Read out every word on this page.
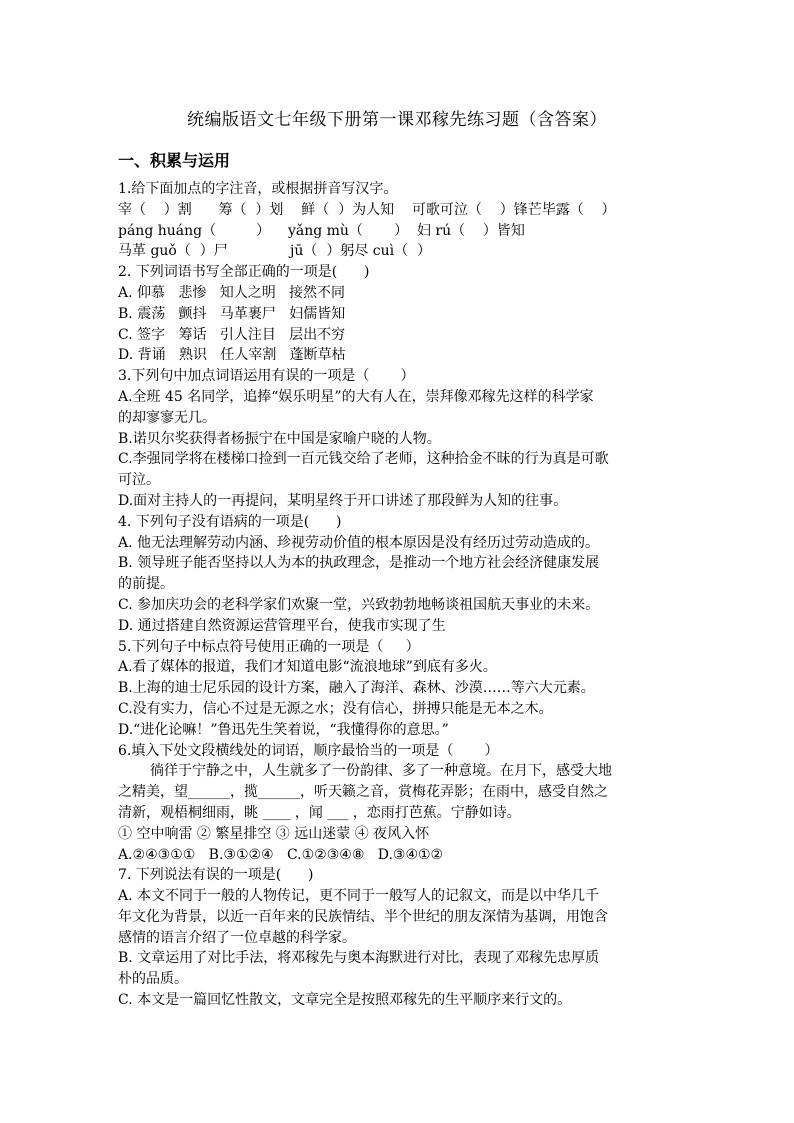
统编版语文七年级下册第一课邓稼先练习题（含答案）
一、积累与运用
1.给下面加点的字注音，或根据拼音写汉字。
宰（    ）割      筹（  ）划    鲜（  ）为人知    可歌可泣（    ）锋芒毕露（    ）
páng huáng（         ）    yǎng mù（       ）  妇 rú（    ）皆知
马革 guǒ（  ）尸              jū（  ）躬尽 cuì（  ）
2. 下列词语书写全部正确的一项是(      )
A. 仰慕   悲惨   知人之明   接然不同
B. 震荡   颤抖   马革裹尸   妇儒皆知
C. 签字   筹话   引人注目   层出不穷
D. 背诵   熟识   任人宰割   蓬断草枯
3.下列句中加点词语运用有误的一项是（       ）
A.全班 45 名同学，追捧“娱乐明星”的大有人在，崇拜像邓稼先这样的科学家
的却寥寥无几。
B.诺贝尔奖获得者杨振宁在中国是家喻户晓的人物。
C.李强同学将在楼梯口捡到一百元钱交给了老师，这种拾金不昧的行为真是可歌
可泣。
D.面对主持人的一再提问，某明星终于开口讲述了那段鲜为人知的往事。
4. 下列句子没有语病的一项是(      )
A. 他无法理解劳动内涵、珍视劳动价值的根本原因是没有经历过劳动造成的。
B. 领导班子能否坚持以人为本的执政理念，是推动一个地方社会经济健康发展
的前提。
C. 参加庆功会的老科学家们欢聚一堂，兴致勃勃地畅谈祖国航天事业的未来。
D. 通过搭建自然资源运营管理平台，使我市实现了生
5.下列句子中标点符号使用正确的一项是（     ）
A.看了媒体的报道，我们才知道电影“流浪地球”到底有多火。
B.上海的迪士尼乐园的设计方案，融入了海洋、森林、沙漠……等六大元素。
C.没有实力，信心不过是无源之水；没有信心，拼搏只能是无本之木。
D.“进化论嘛！”鲁迅先生笑着说，“我懂得你的意思。”
6.填入下处文段横线处的词语，顺序最恰当的一项是（       ）
徜徉于宁静之中，人生就多了一份韵律、多了一种意境。在月下，感受大地
之精美，望______，揽______，听天籁之音，赏梅花弄影；在雨中，感受自然之
清新，观梧桐细雨，眺 ____ ，闻 ___ ，恋雨打芭蕉。宁静如诗。
① 空中响雷 ② 繁星排空 ③ 远山迷蒙 ④ 夜风入怀
A.②④③①①   B.③①②④   C.①②③④⑧   D.③④①②
7. 下列说法有误的一项是(      )
A. 本文不同于一般的人物传记，更不同于一般写人的记叙文，而是以中华几千
年文化为背景，以近一百年来的民族情结、半个世纪的朋友深情为基调，用饱含
感情的语言介绍了一位卓越的科学家。
B. 文章运用了对比手法，将邓稼先与奥本海默进行对比，表现了邓稼先忠厚质
朴的品质。
C. 本文是一篇回忆性散文，文章完全是按照邓稼先的生平顺序来行文的。
